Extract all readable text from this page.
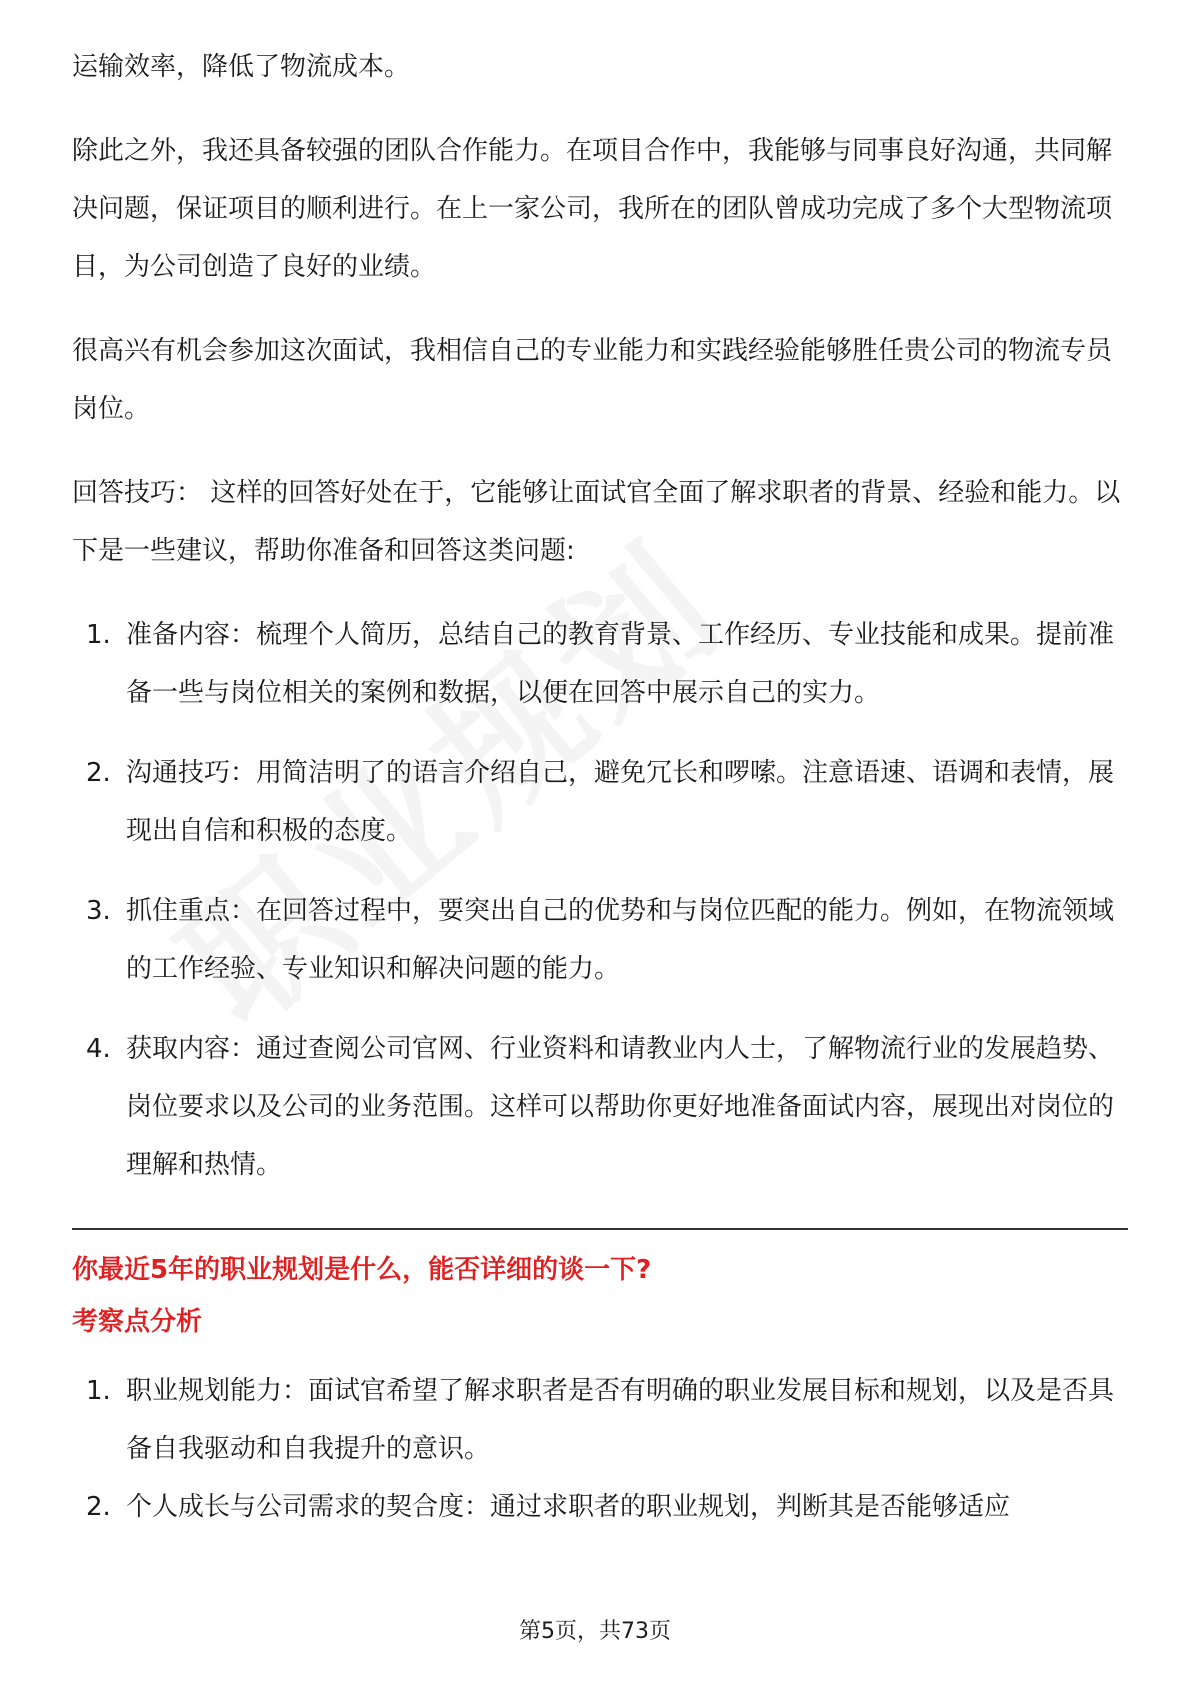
运输效率，降低了物流成本。

除此之外，我还具备较强的团队合作能力。在项目合作中，我能够与同事良好沟通，共同解决问题，保证项目的顺利进行。在上一家公司，我所在的团队曾成功完成了多个大型物流项目，为公司创造了良好的业绩。

很高兴有机会参加这次面试，我相信自己的专业能力和实践经验能够胜任贵公司的物流专员岗位。

回答技巧： 这样的回答好处在于，它能够让面试官全面了解求职者的背景、经验和能力。以下是一些建议，帮助你准备和回答这类问题:

1. 准备内容：梳理个人简历，总结自己的教育背景、工作经历、专业技能和成果。提前准备一些与岗位相关的案例和数据，以便在回答中展示自己的实力。
2. 沟通技巧：用简洁明了的语言介绍自己，避免冗长和啰嗦。注意语速、语调和表情，展现出自信和积极的态度。
3. 抓住重点：在回答过程中，要突出自己的优势和与岗位匹配的能力。例如，在物流领域的工作经验、专业知识和解决问题的能力。
4. 获取内容：通过查阅公司官网、行业资料和请教业内人士，了解物流行业的发展趋势、岗位要求以及公司的业务范围。这样可以帮助你更好地准备面试内容，展现出对岗位的理解和热情。

你最近5年的职业规划是什么，能否详细的谈一下?

考察点分析

1. 职业规划能力：面试官希望了解求职者是否有明确的职业发展目标和规划，以及是否具备自我驱动和自我提升的意识。
2. 个人成长与公司需求的契合度：通过求职者的职业规划，判断其是否能够适应
第5页，共73页
